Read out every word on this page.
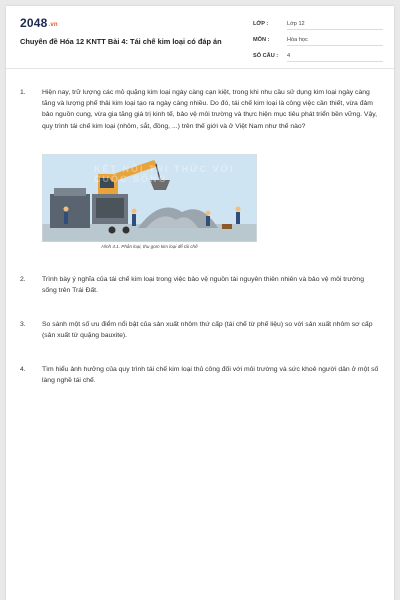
2048.vn
Chuyên đề Hóa 12 KNTT Bài 4: Tái chế kim loại có đáp án
LỚP :	Lớp 12
MÔN :	Hóa học
SỐ CÂU : 4
1. Hiện nay, trữ lượng các mỏ quặng kim loại ngày càng cạn kiệt, trong khi nhu cầu sử dụng kim loại ngày càng tăng và lượng phế thải kim loại tạo ra ngày càng nhiều. Do đó, tái chế kim loại là công việc cần thiết, vừa đảm bảo nguồn cung, vừa gia tăng giá trị kinh tế, bảo vệ môi trường và thực hiện mục tiêu phát triển bền vững. Vậy, quy trình tái chế kim loại (nhôm, sắt, đồng, ...) trên thế giới và ở Việt Nam như thế nào?
KẾT NỐI TRI THỨC VỚI CUỘC SỐNG
Hình 4.1. Phân loại, thu gom kim loại để tái chế
2. Trình bày ý nghĩa của tái chế kim loại trong việc bảo vệ nguồn tài nguyên thiên nhiên và bảo vệ môi trường sống trên Trái Đất.
3. So sánh một số ưu điểm nổi bật của sản xuất nhôm thứ cấp (tái chế từ phế liệu) so với sản xuất nhôm sơ cấp (sản xuất từ quặng bauxite).
4. Tìm hiểu ảnh hưởng của quy trình tái chế kim loại thủ công đối với môi trường và sức khoẻ người dân ở một số làng nghề tái chế.
